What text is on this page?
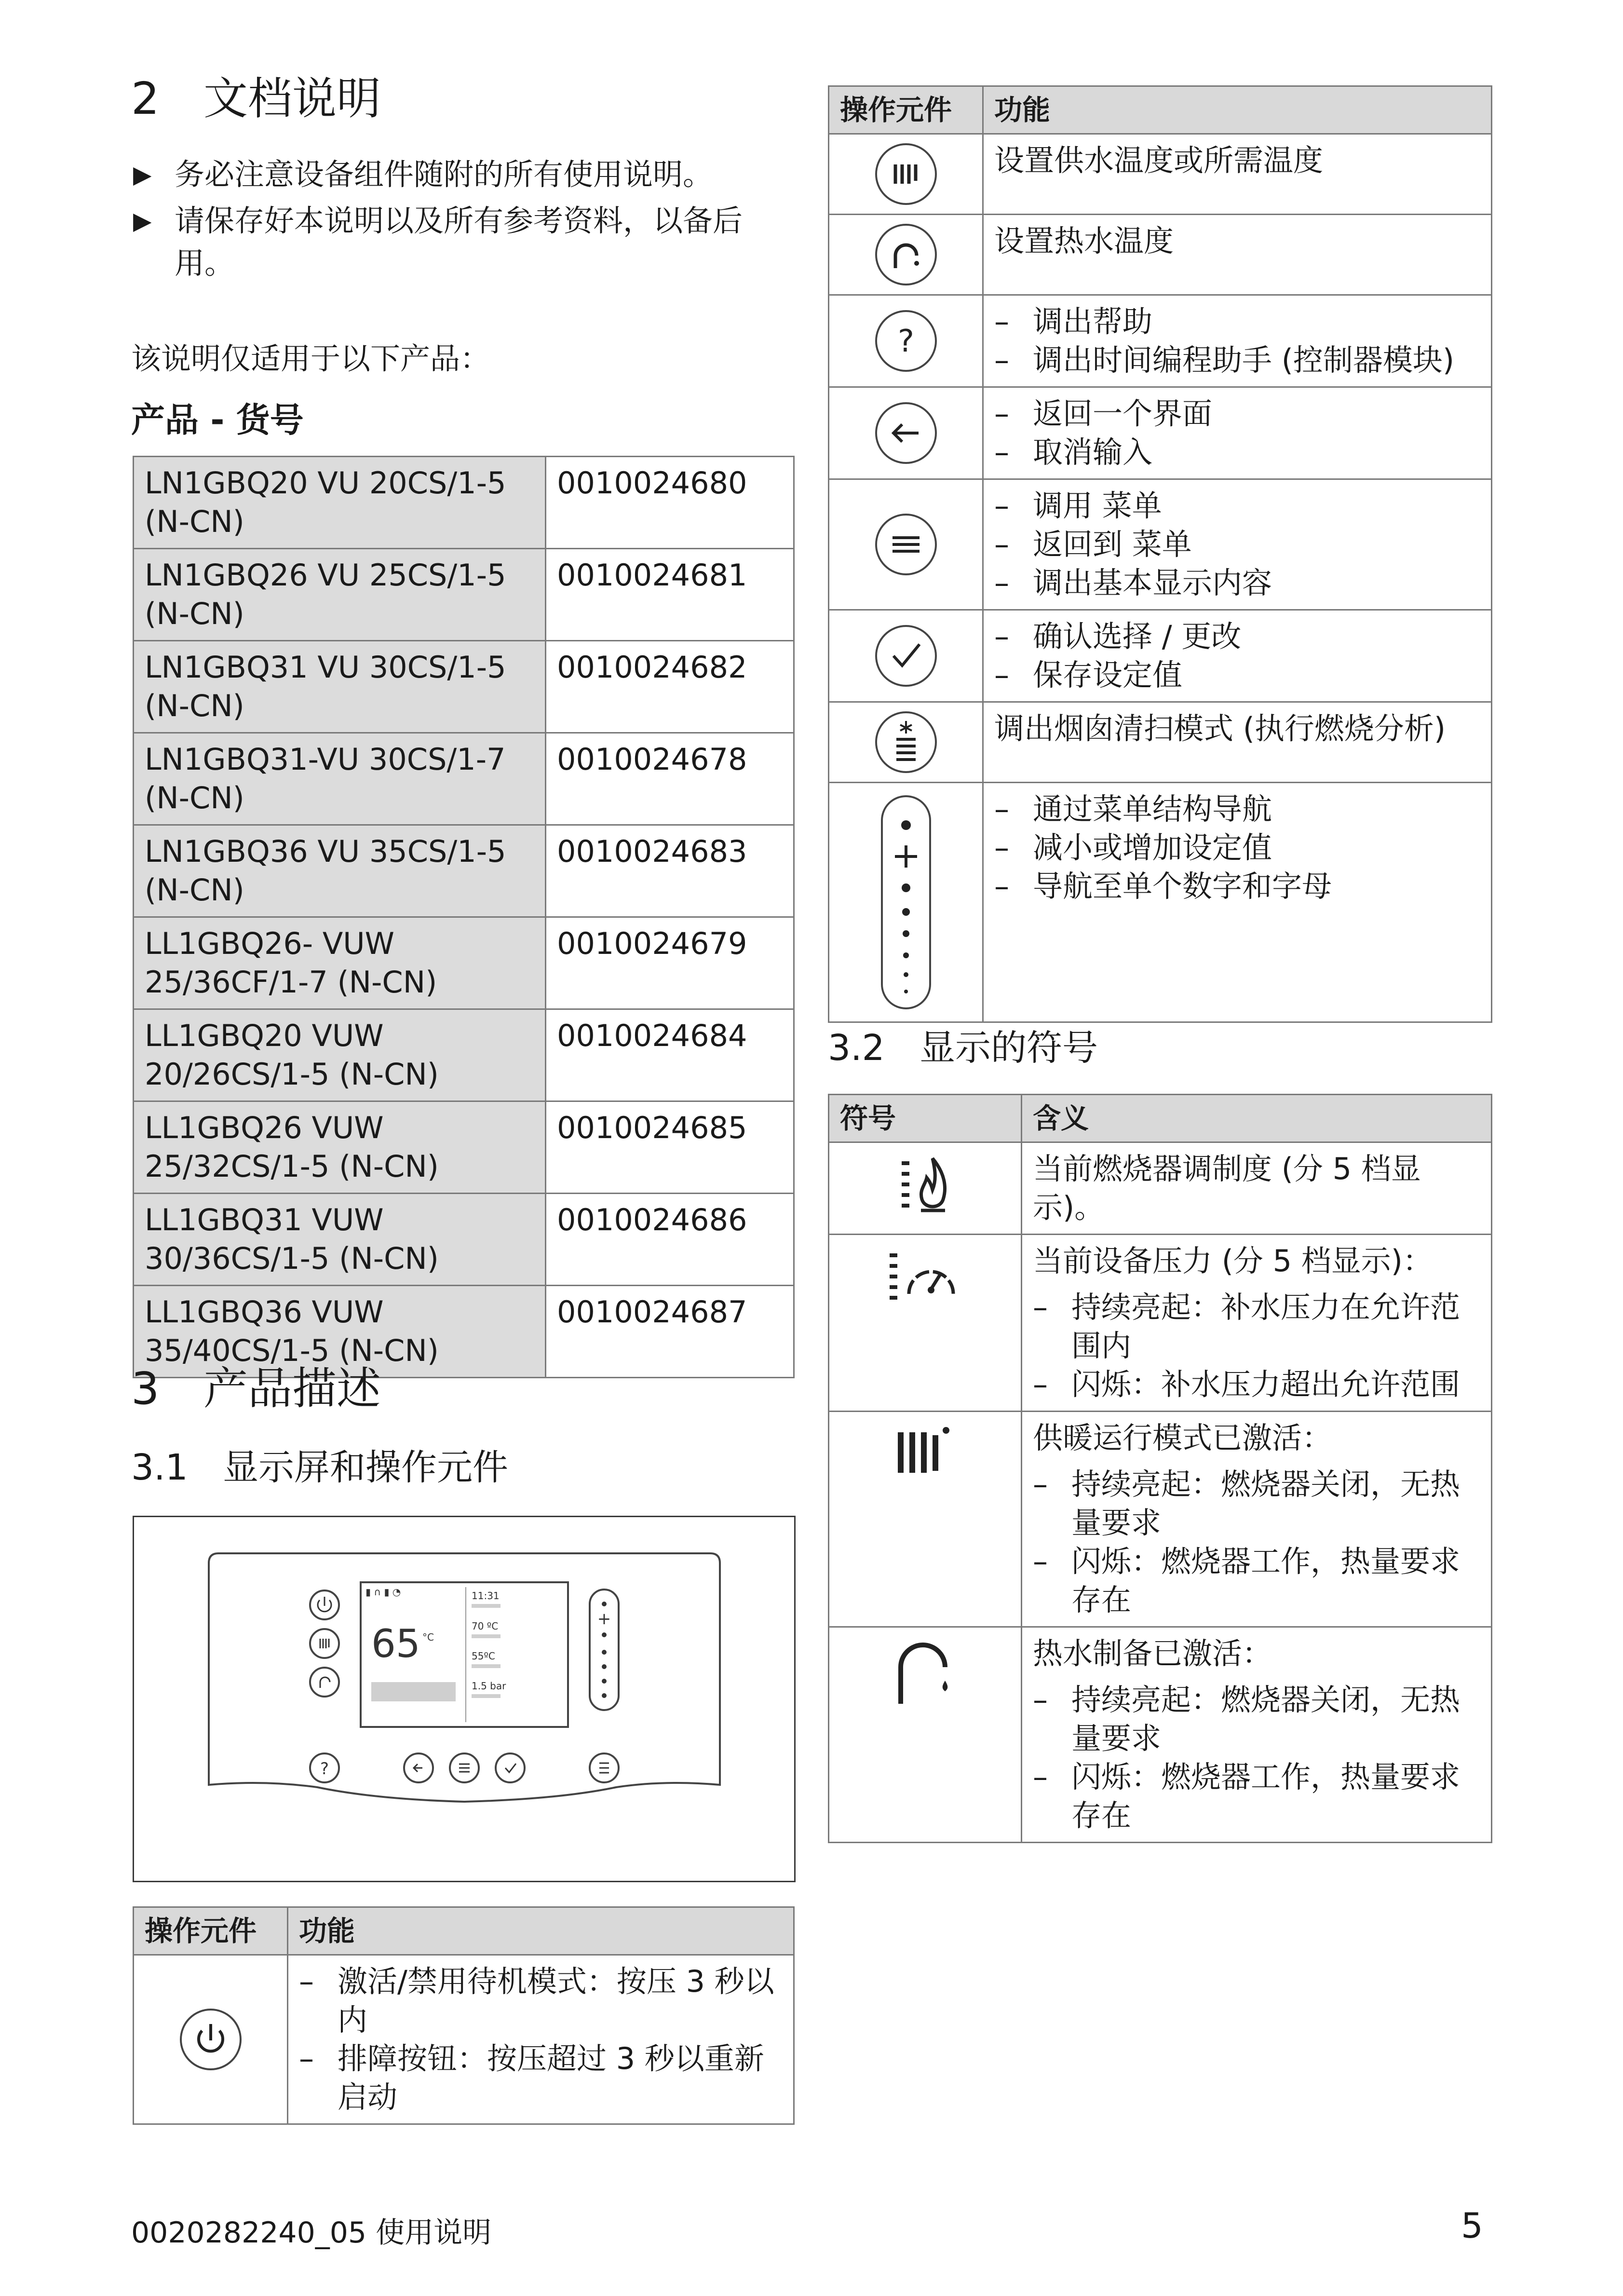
2 文档说明
▶ 务必注意设备组件随附的所有使用说明。
▶ 请保存好本说明以及所有参考资料，以备后用。
该说明仅适用于以下产品：
产品 - 货号
LN1GBQ20 VU 20CS/1-5 (N-CN)	0010024680
LN1GBQ26 VU 25CS/1-5 (N-CN)	0010024681
LN1GBQ31 VU 30CS/1-5 (N-CN)	0010024682
LN1GBQ31-VU 30CS/1-7 (N-CN)	0010024678
LN1GBQ36 VU 35CS/1-5 (N-CN)	0010024683
LL1GBQ26- VUW 25/36CF/1-7 (N-CN)	0010024679
LL1GBQ20 VUW 20/26CS/1-5 (N-CN)	0010024684
LL1GBQ26 VUW 25/32CS/1-5 (N-CN)	0010024685
LL1GBQ31 VUW 30/36CS/1-5 (N-CN)	0010024686
LL1GBQ36 VUW 35/40CS/1-5 (N-CN)	0010024687
3 产品描述
3.1 显示屏和操作元件
?
+
▮ ∩ ▮ ◔
65 °C
11:31
70 ºC
55ºC
1.5 bar
操作元件	功能

– 激活/禁用待机模式：按压 3 秒以内
– 排障按钮：按压超过 3 秒以重新启动
操作元件	功能

设置供水温度或所需温度

设置热水温度

?	– 调出帮助
– 调出时间编程助手 (控制器模块)

– 返回一个界面
– 取消输入

– 调用 菜单
– 返回到 菜单
– 调出基本显示内容

– 确认选择 / 更改
– 保存设定值

调出烟囱清扫模式 (执行燃烧分析)

– 通过菜单结构导航
– 减小或增加设定值
– 导航至单个数字和字母
3.2 显示的符号
符号	含义

当前燃烧器调制度 (分 5 档显示)。

当前设备压力 (分 5 档显示)：
– 持续亮起：补水压力在允许范围内
– 闪烁：补水压力超出允许范围

供暖运行模式已激活：
– 持续亮起：燃烧器关闭，无热量要求
– 闪烁：燃烧器工作，热量要求存在

热水制备已激活：
– 持续亮起：燃烧器关闭，无热量要求
– 闪烁：燃烧器工作，热量要求存在
0020282240_05 使用说明	5
